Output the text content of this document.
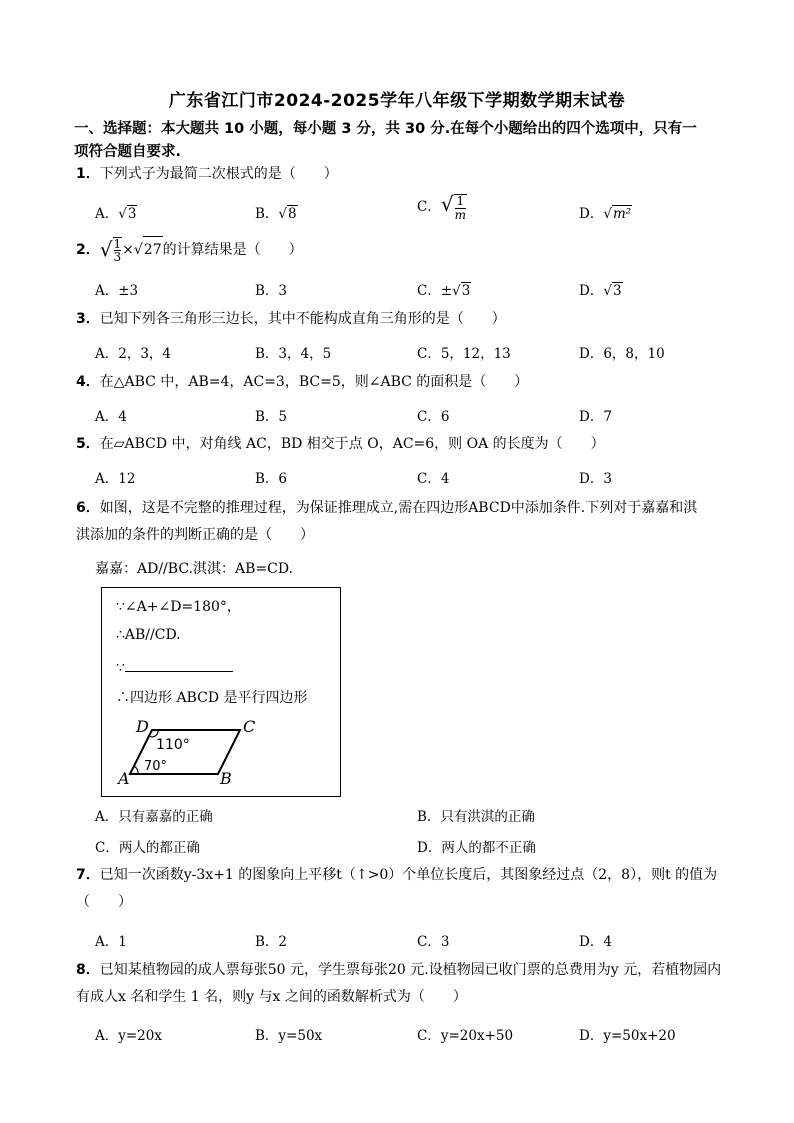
广东省江门市2024-2025学年八年级下学期数学期末试卷
一、选择题：本大题共 10 小题，每小题 3 分，共 30 分.在每个小题给出的四个选项中，只有一
项符合题自要求.
1．下列式子为最简二次根式的是（　　）
A．√3	B．√8	C．√ $\frac{1}{m}$	D．√m²
2．√ $\frac{1}{3} \times√27$的计算结果是（　　）
A．±3	B．3	C．±√3	D．√3
3．已知下列各三角形三边长，其中不能构成直角三角形的是（　　）
A．2，3，4	B．3，4，5	C．5，12，13	D．6，8，10
4．在△ABC 中，AB=4，AC=3，BC=5，则∠ABC 的面积是（　　）
A．4	B．5	C．6	D．7
5．在▱ABCD 中，对角线 AC，BD 相交于点 O，AC=6，则 OA 的长度为（　　）
A．12	B．6	C．4	D．3
6．如图，这是不完整的推理过程，为保证推理成立,需在四边形ABCD中添加条件.下列对于嘉嘉和淇
淇添加的条件的判断正确的是（　　）
嘉嘉：AD//BC.淇淇：AB=CD.
∵∠A+∠D=180°，
∴AB//CD.
∵
∴四边形 ABCD 是平行四边形
D	C
A	B
110°
70°
A．只有嘉嘉的正确	B．只有洪淇的正确
C．两人的都正确	D．两人的都不正确
7．已知一次函数y-3x+1 的图象向上平移t（↑>0）个单位长度后，其图象经过点（2，8），则t 的值为
（　　）
A．1	B．2	C．3	D．4
8．已知某植物园的成人票每张50 元，学生票每张20 元.设植物园已收门票的总费用为y 元，若植物园内
有成人x 名和学生 1 名，则y 与x 之间的函数解析式为（　　）
A．y=20x	B．y=50x	C．y=20x+50	D．y=50x+20
